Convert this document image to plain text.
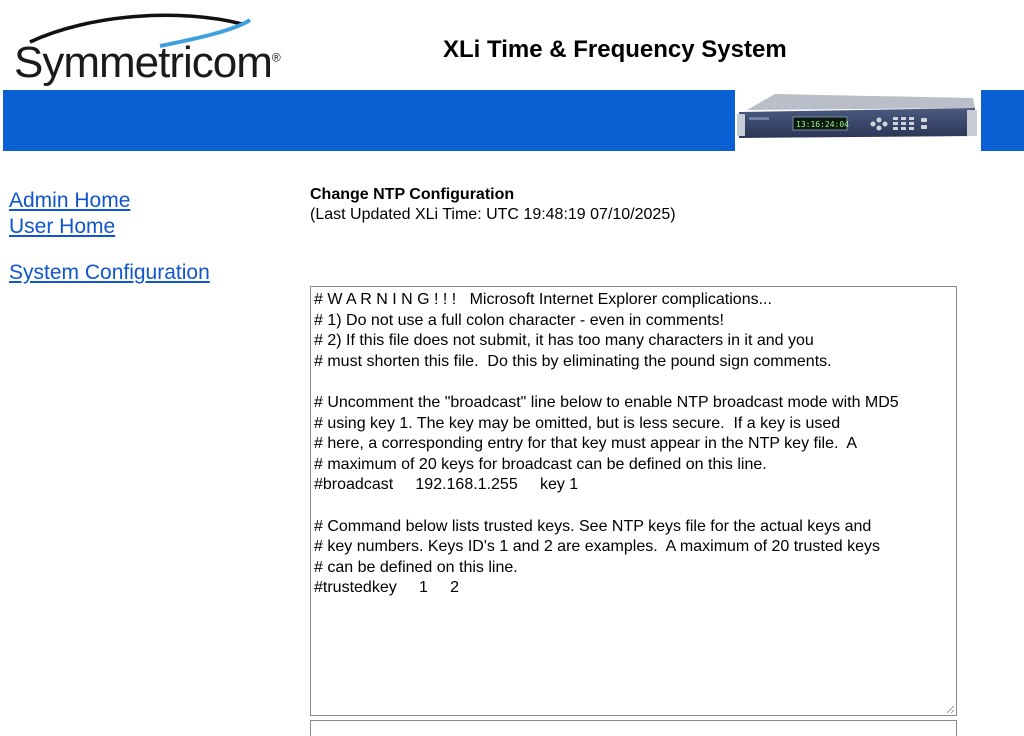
Symmetricom®	XLi Time & Frequency System
13:16:24:04
Admin Home
User Home
System Configuration
Change NTP Configuration
(Last Updated XLi Time: UTC 19:48:19 07/10/2025)
# W A R N I N G ! ! ! Microsoft Internet Explorer complications... # 1) Do not use a full colon character - even in comments! # 2) If this file does not submit, it has too many characters in it and you # must shorten this file. Do this by eliminating the pound sign comments. # Uncomment the "broadcast" line below to enable NTP broadcast mode with MD5 # using key 1. The key may be omitted, but is less secure. If a key is used # here, a corresponding entry for that key must appear in the NTP key file. A # maximum of 20 keys for broadcast can be defined on this line. #broadcast 192.168.1.255 key 1 # Command below lists trusted keys. See NTP keys file for the actual keys and # key numbers. Keys ID's 1 and 2 are examples. A maximum of 20 trusted keys # can be defined on this line. #trustedkey 1 2
